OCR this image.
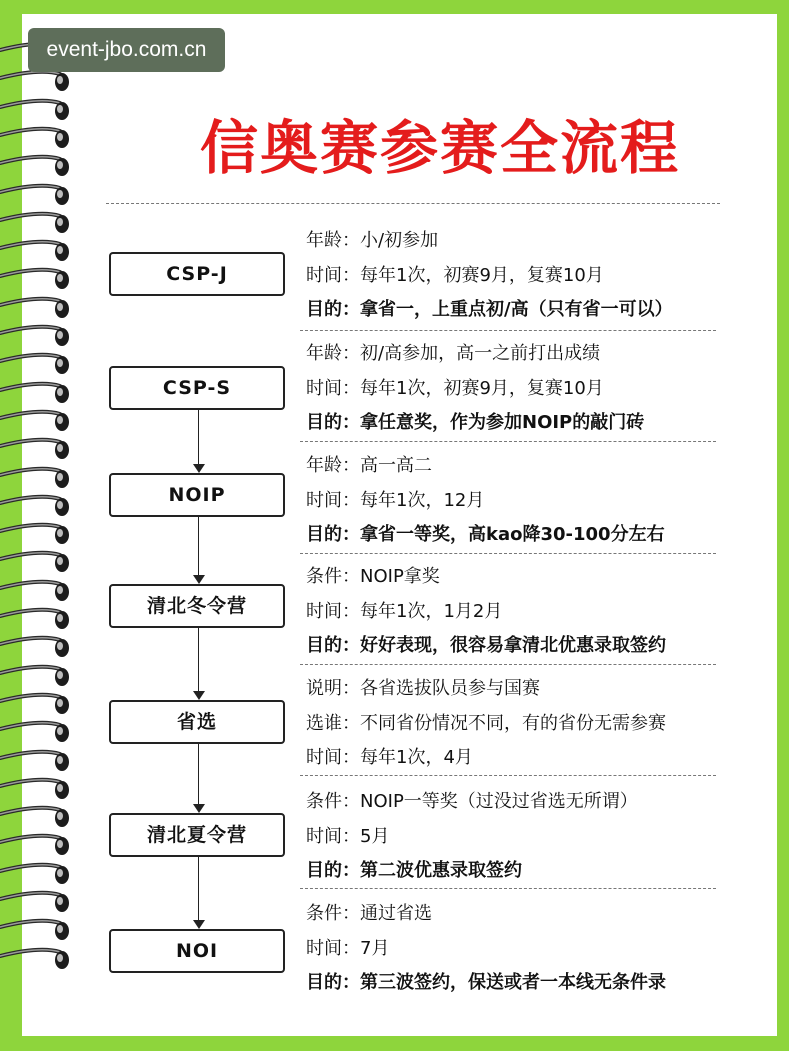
event-jbo.com.cn
信奥赛参赛全流程
CSP-J
年龄：小/初参加
时间：每年1次，初赛9月，复赛10月
目的：拿省一，上重点初/高（只有省一可以）
CSP-S
年龄：初/高参加，高一之前打出成绩
时间：每年1次，初赛9月，复赛10月
目的：拿任意奖，作为参加NOIP的敲门砖
NOIP
年龄：高一高二
时间：每年1次，12月
目的：拿省一等奖，高kao降30-100分左右
清北冬令营
条件：NOIP拿奖
时间：每年1次，1月2月
目的：好好表现，很容易拿清北优惠录取签约
省选
说明：各省选拔队员参与国赛
选谁：不同省份情况不同，有的省份无需参赛
时间：每年1次，4月
清北夏令营
条件：NOIP一等奖（过没过省选无所谓）
时间：5月
目的：第二波优惠录取签约
NOI
条件：通过省选
时间：7月
目的：第三波签约，保送或者一本线无条件录
